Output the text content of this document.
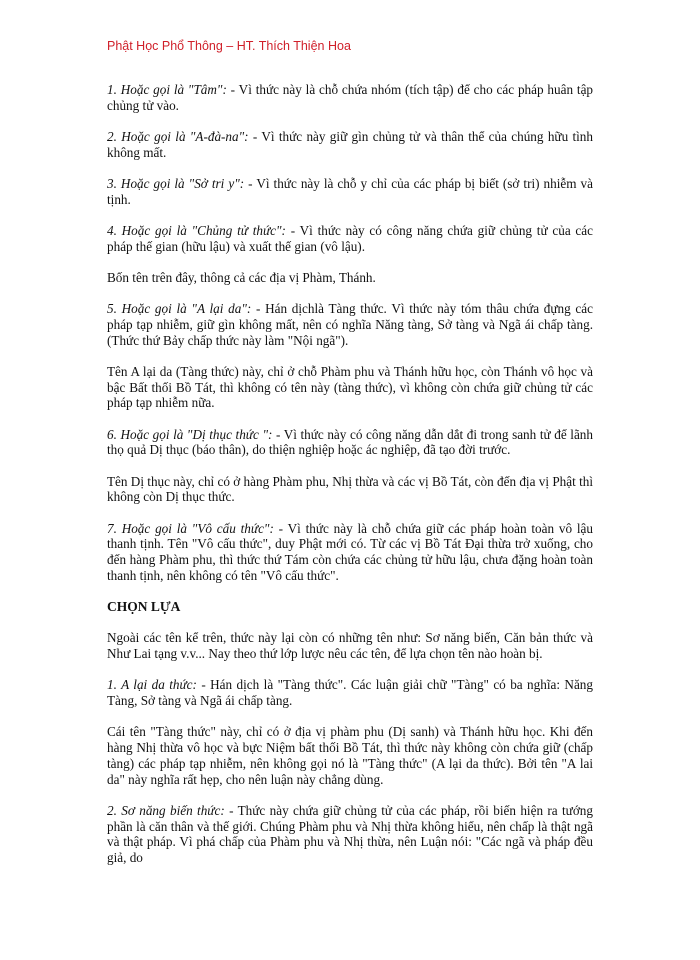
Phật Học Phổ Thông – HT. Thích Thiện Hoa

1. Hoặc gọi là "Tâm": - Vì thức này là chỗ chứa nhóm (tích tập) để cho các pháp huân tập chủng tử vào.

2. Hoặc gọi là "A-đà-na": - Vì thức này giữ gìn chủng tử và thân thể của chúng hữu tình không mất.

3. Hoặc gọi là "Sở tri y": - Vì thức này là chỗ y chỉ của các pháp bị biết (sở tri) nhiễm và tịnh.

4. Hoặc gọi là "Chủng tử thức": - Vì thức này có công năng chứa giữ chủng tử của các pháp thế gian (hữu lậu) và xuất thế gian (vô lậu).

Bốn tên trên đây, thông cả các địa vị Phàm, Thánh.

5. Hoặc gọi là "A lại da": - Hán dịchlà Tàng thức. Vì thức này tóm thâu chứa đựng các pháp tạp nhiễm, giữ gìn không mất, nên có nghĩa Năng tàng, Sở tàng và Ngã ái chấp tàng. (Thức thứ Bảy chấp thức này làm "Nội ngã").

Tên A lại da (Tàng thức) này, chỉ ở chỗ Phàm phu và Thánh hữu học, còn Thánh vô học và bậc Bất thối Bồ Tát, thì không có tên này (tàng thức), vì không còn chứa giữ chủng tử các pháp tạp nhiễm nữa.

6. Hoặc gọi là "Dị thục thức ": - Vì thức này có công năng dẫn dắt đi trong sanh tử để lãnh thọ quả Dị thục (báo thân), do thiện nghiệp hoặc ác nghiệp, đã tạo đời trước.

Tên Dị thục này, chỉ có ở hàng Phàm phu, Nhị thừa và các vị Bồ Tát, còn đến địa vị Phật thì không còn Dị thục thức.

7. Hoặc gọi là "Vô cấu thức": - Vì thức này là chỗ chứa giữ các pháp hoàn toàn vô lậu thanh tịnh. Tên "Vô cấu thức", duy Phật mới có. Từ các vị Bồ Tát Đại thừa trở xuống, cho đến hàng Phàm phu, thì thức thứ Tám còn chứa các chủng tử hữu lậu, chưa đặng hoàn toàn thanh tịnh, nên không có tên "Vô cấu thức".

CHỌN LỰA

Ngoài các tên kể trên, thức này lại còn có những tên như: Sơ năng biến, Căn bản thức và Như Lai tạng v.v... Nay theo thứ lớp lược nêu các tên, để lựa chọn tên nào hoàn bị.

1. A lại da thức: - Hán dịch là "Tàng thức". Các luận giải chữ "Tàng" có ba nghĩa: Năng Tàng, Sở tàng và Ngã ái chấp tàng.

Cái tên "Tàng thức" này, chỉ có ở địa vị phàm phu (Dị sanh) và Thánh hữu học. Khi đến hàng Nhị thừa vô học và bực Niệm bất thối Bồ Tát, thì thức này không còn chứa giữ (chấp tàng) các pháp tạp nhiễm, nên không gọi nó là "Tàng thức" (A lại da thức). Bởi tên "A lai da" này nghĩa rất hẹp, cho nên luận này chẳng dùng.

2. Sơ năng biến thức: - Thức này chứa giữ chủng tử của các pháp, rồi biến hiện ra tướng phần là căn thân và thế giới. Chúng Phàm phu và Nhị thừa không hiểu, nên chấp là thật ngã và thật pháp. Vì phá chấp của Phàm phu và Nhị thừa, nên Luận nói: "Các ngã và pháp đều giả, do
